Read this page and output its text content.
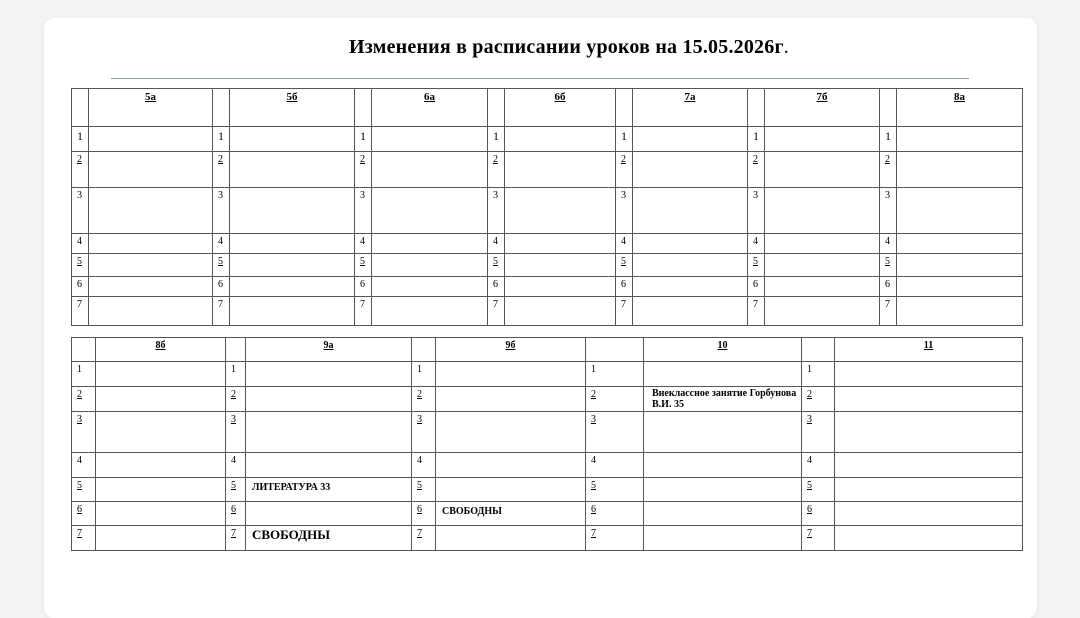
Изменения в расписании уроков на 15.05.2026г.
	5а		5б		6а		6б		7а		7б		8а
1		1		1		1		1		1		1	
2		2		2		2		2		2		2	
3		3		3		3		3		3		3	
4		4		4		4		4		4		4	
5		5		5		5		5		5		5	
6		6		6		6		6		6		6	
7		7		7		7		7		7		7	
	8б		9а		9б		10		11
1		1		1		1		1	
2		2		2		2	Внеклассное занятие Горбунова В.И. 35	2	
3		3		3		3		3	
4		4		4		4		4	
5		5	ЛИТЕРАТУРА 33	5		5		5	
6		6		6	СВОБОДНЫ	6		6	
7		7	СВОБОДНЫ	7		7		7	
